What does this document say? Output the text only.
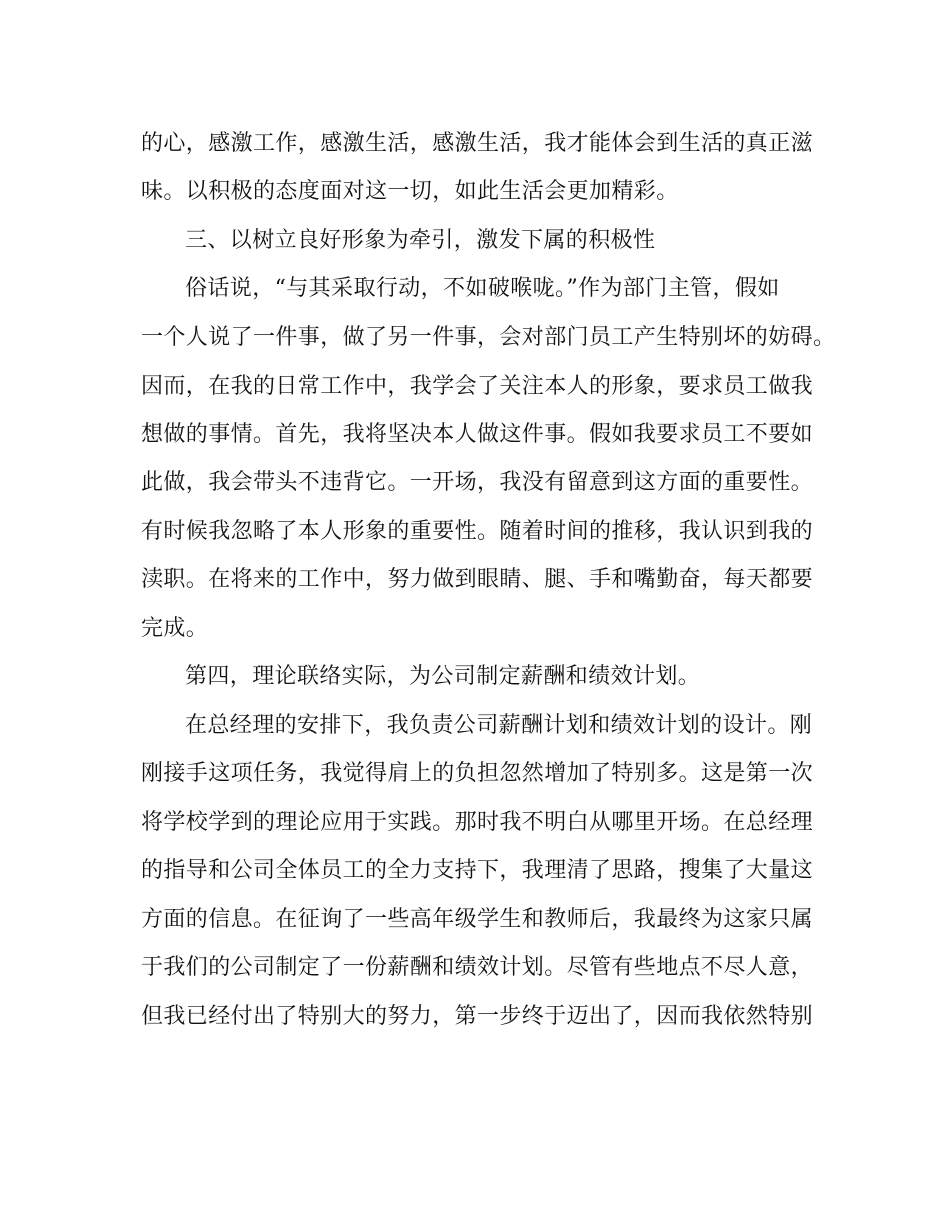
的心，感激工作，感激生活，感激生活，我才能体会到生活的真正滋
味。以积极的态度面对这一切，如此生活会更加精彩。
三、以树立良好形象为牵引，激发下属的积极性
俗话说，“与其采取行动，不如破喉咙。”作为部门主管，假如
一个人说了一件事，做了另一件事，会对部门员工产生特别坏的妨碍。
因而，在我的日常工作中，我学会了关注本人的形象，要求员工做我
想做的事情。首先，我将坚决本人做这件事。假如我要求员工不要如
此做，我会带头不违背它。一开场，我没有留意到这方面的重要性。
有时候我忽略了本人形象的重要性。随着时间的推移，我认识到我的
渎职。在将来的工作中，努力做到眼睛、腿、手和嘴勤奋，每天都要
完成。
第四，理论联络实际，为公司制定薪酬和绩效计划。
在总经理的安排下，我负责公司薪酬计划和绩效计划的设计。刚
刚接手这项任务，我觉得肩上的负担忽然增加了特别多。这是第一次
将学校学到的理论应用于实践。那时我不明白从哪里开场。在总经理
的指导和公司全体员工的全力支持下，我理清了思路，搜集了大量这
方面的信息。在征询了一些高年级学生和教师后，我最终为这家只属
于我们的公司制定了一份薪酬和绩效计划。尽管有些地点不尽人意，
但我已经付出了特别大的努力，第一步终于迈出了，因而我依然特别
